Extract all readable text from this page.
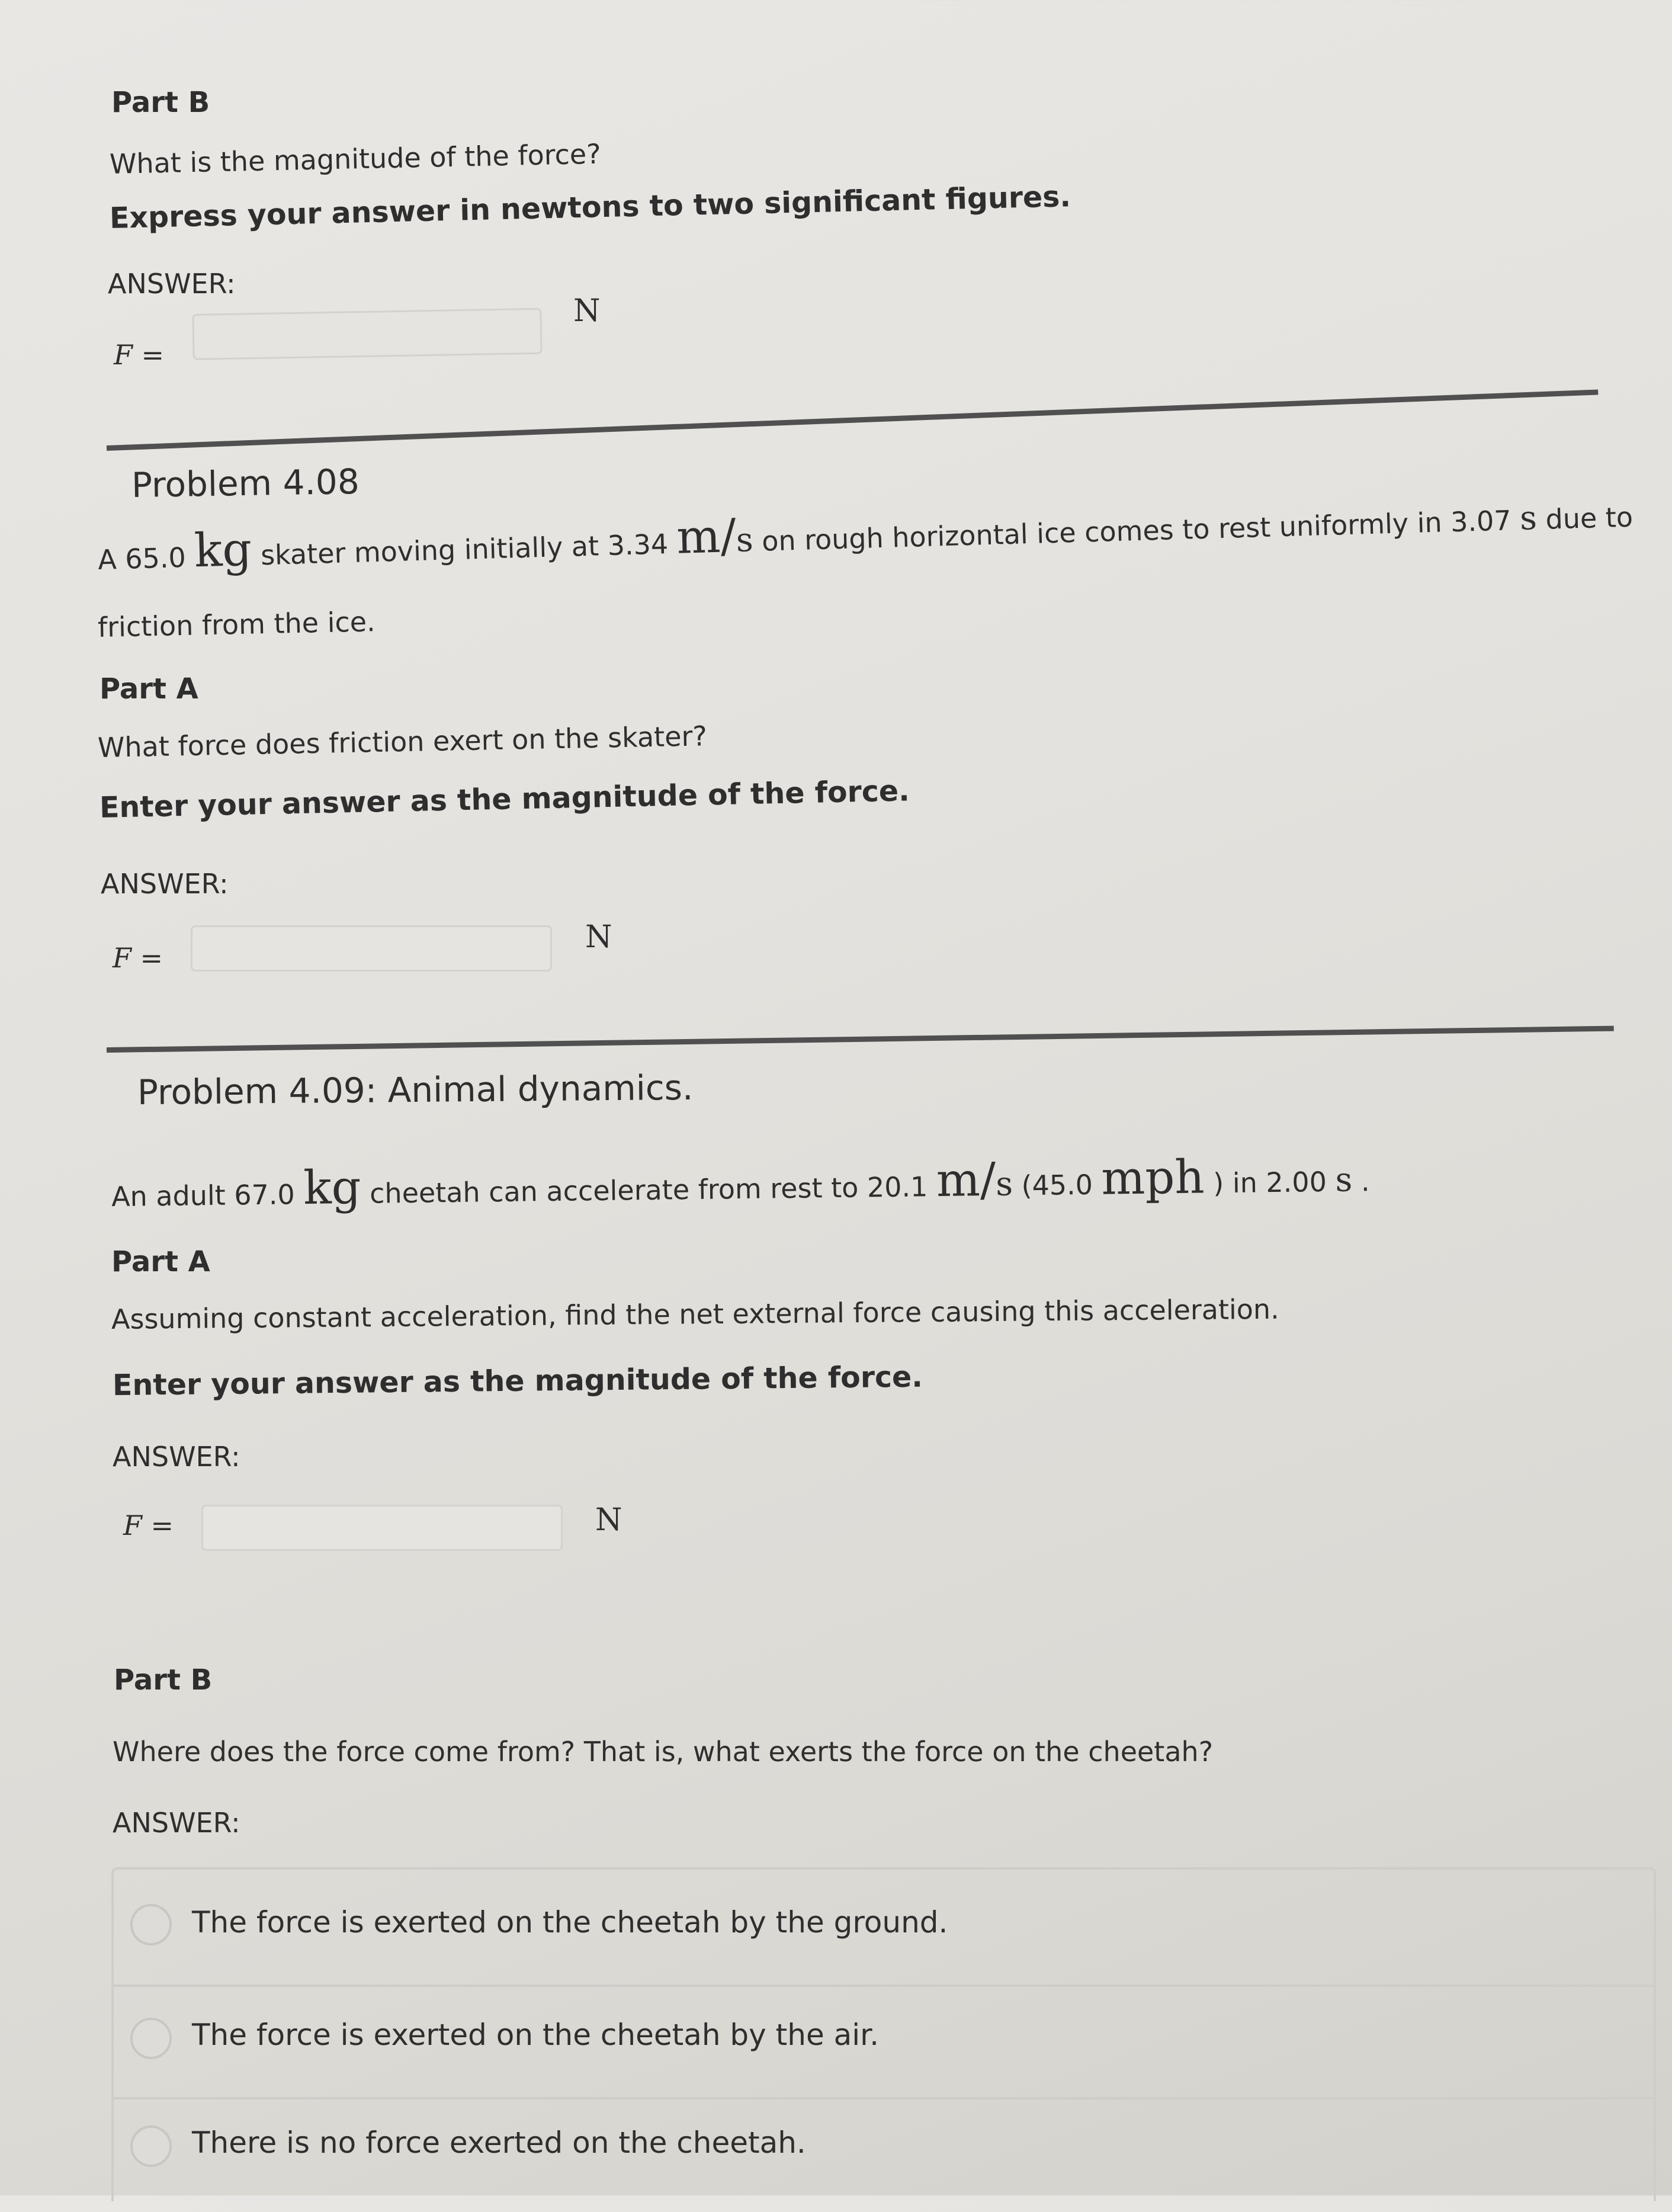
Part B
What is the magnitude of the force?
Express your answer in newtons to two significant figures.
ANSWER:
F =
N
Problem 4.08
A 65.0 kg skater moving initially at 3.34 m/s on rough horizontal ice comes to rest uniformly in 3.07 s due to
friction from the ice.
Part A
What force does friction exert on the skater?
Enter your answer as the magnitude of the force.
ANSWER:
F =
N
Problem 4.09: Animal dynamics.
An adult 67.0 kg cheetah can accelerate from rest to 20.1 m/s (45.0 mph ) in 2.00 s .
Part A
Assuming constant acceleration, find the net external force causing this acceleration.
Enter your answer as the magnitude of the force.
ANSWER:
F =	N
Part B
Where does the force come from? That is, what exerts the force on the cheetah?
ANSWER:
The force is exerted on the cheetah by the ground.
The force is exerted on the cheetah by the air.
There is no force exerted on the cheetah.
